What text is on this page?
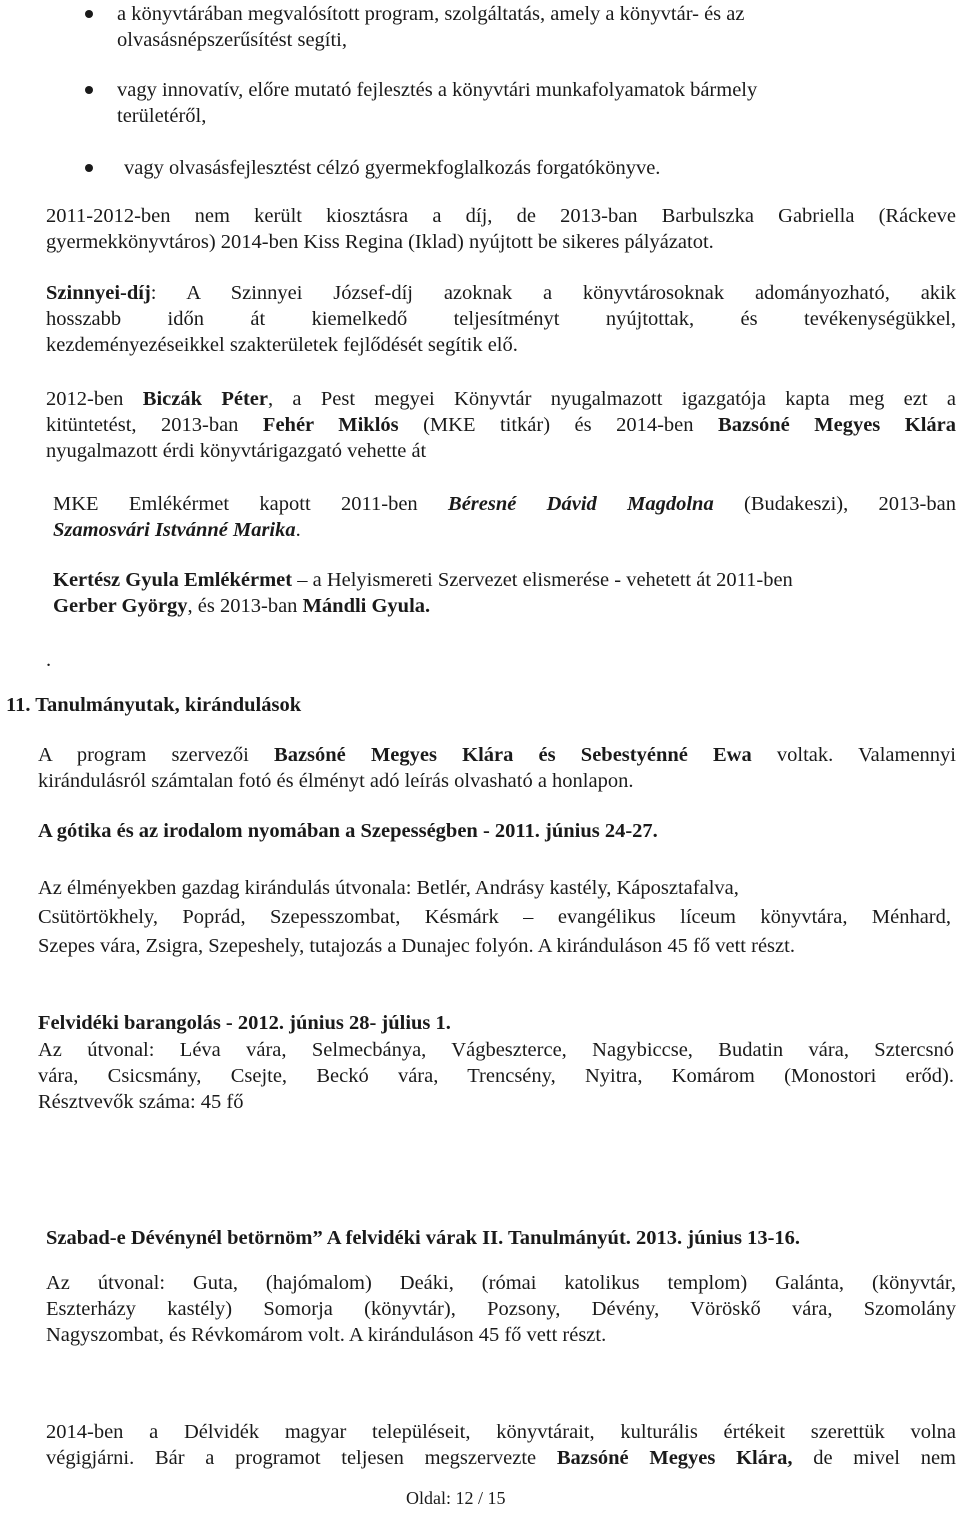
a könyvtárában megvalósított program, szolgáltatás, amely a könyvtár- és az
olvasásnépszerűsítést segíti,
vagy innovatív, előre mutató fejlesztés a könyvtári munkafolyamatok bármely
területéről,
vagy olvasásfejlesztést célzó gyermekfoglalkozás forgatókönyve.
2011-2012-ben nem került kiosztásra a díj, de 2013-ban Barbulszka Gabriella (Ráckeve
gyermekkönyvtáros) 2014-ben Kiss Regina (Iklad) nyújtott be sikeres pályázatot.
Szinnyei-díj: A Szinnyei József-díj azoknak a könyvtárosoknak adományozható, akik
hosszabb időn át kiemelkedő teljesítményt nyújtottak, és tevékenységükkel,
kezdeményezéseikkel szakterületek fejlődését segítik elő.
2012-ben Biczák Péter, a Pest megyei Könyvtár nyugalmazott igazgatója kapta meg ezt a
kitüntetést, 2013-ban Fehér Miklós (MKE titkár) és 2014-ben Bazsóné Megyes Klára
nyugalmazott érdi könyvtárigazgató vehette át
MKE Emlékérmet kapott 2011-ben Béresné Dávid Magdolna (Budakeszi), 2013-ban
Szamosvári Istvánné Marika.
Kertész Gyula Emlékérmet – a Helyismereti Szervezet elismerése - vehetett át 2011-ben
Gerber György, és 2013-ban Mándli Gyula.
.
11. Tanulmányutak, kirándulások
A program szervezői Bazsóné Megyes Klára és Sebestyénné Ewa voltak. Valamennyi
kirándulásról számtalan fotó és élményt adó leírás olvasható a honlapon.
A gótika és az irodalom nyomában a Szepességben - 2011. június 24-27.
Az élményekben gazdag kirándulás útvonala: Betlér, Andrásy kastély, Káposztafalva,
Csütörtökhely, Poprád, Szepesszombat, Késmárk – evangélikus líceum könyvtára, Ménhard,
Szepes vára, Zsigra, Szepeshely, tutajozás a Dunajec folyón. A kiránduláson 45 fő vett részt.
Felvidéki barangolás - 2012. június 28- július 1.
Az útvonal: Léva vára, Selmecbánya, Vágbeszterce, Nagybiccse, Budatin vára, Sztercsnó
vára, Csicsmány, Csejte, Beckó vára, Trencsény, Nyitra, Komárom (Monostori erőd).
Résztvevők száma: 45 fő
Szabad-e Dévénynél betörnöm” A felvidéki várak II. Tanulmányút. 2013. június 13-16.
Az útvonal: Guta, (hajómalom) Deáki, (római katolikus templom) Galánta, (könyvtár,
Eszterházy kastély) Somorja (könyvtár), Pozsony, Dévény, Vöröskő vára, Szomolány
Nagyszombat, és Révkomárom volt. A kiránduláson 45 fő vett részt.
2014-ben a Délvidék magyar településeit, könyvtárait, kulturális értékeit szerettük volna
végigjárni. Bár a programot teljesen megszervezte Bazsóné Megyes Klára, de mivel nem
Oldal: 12 / 15
